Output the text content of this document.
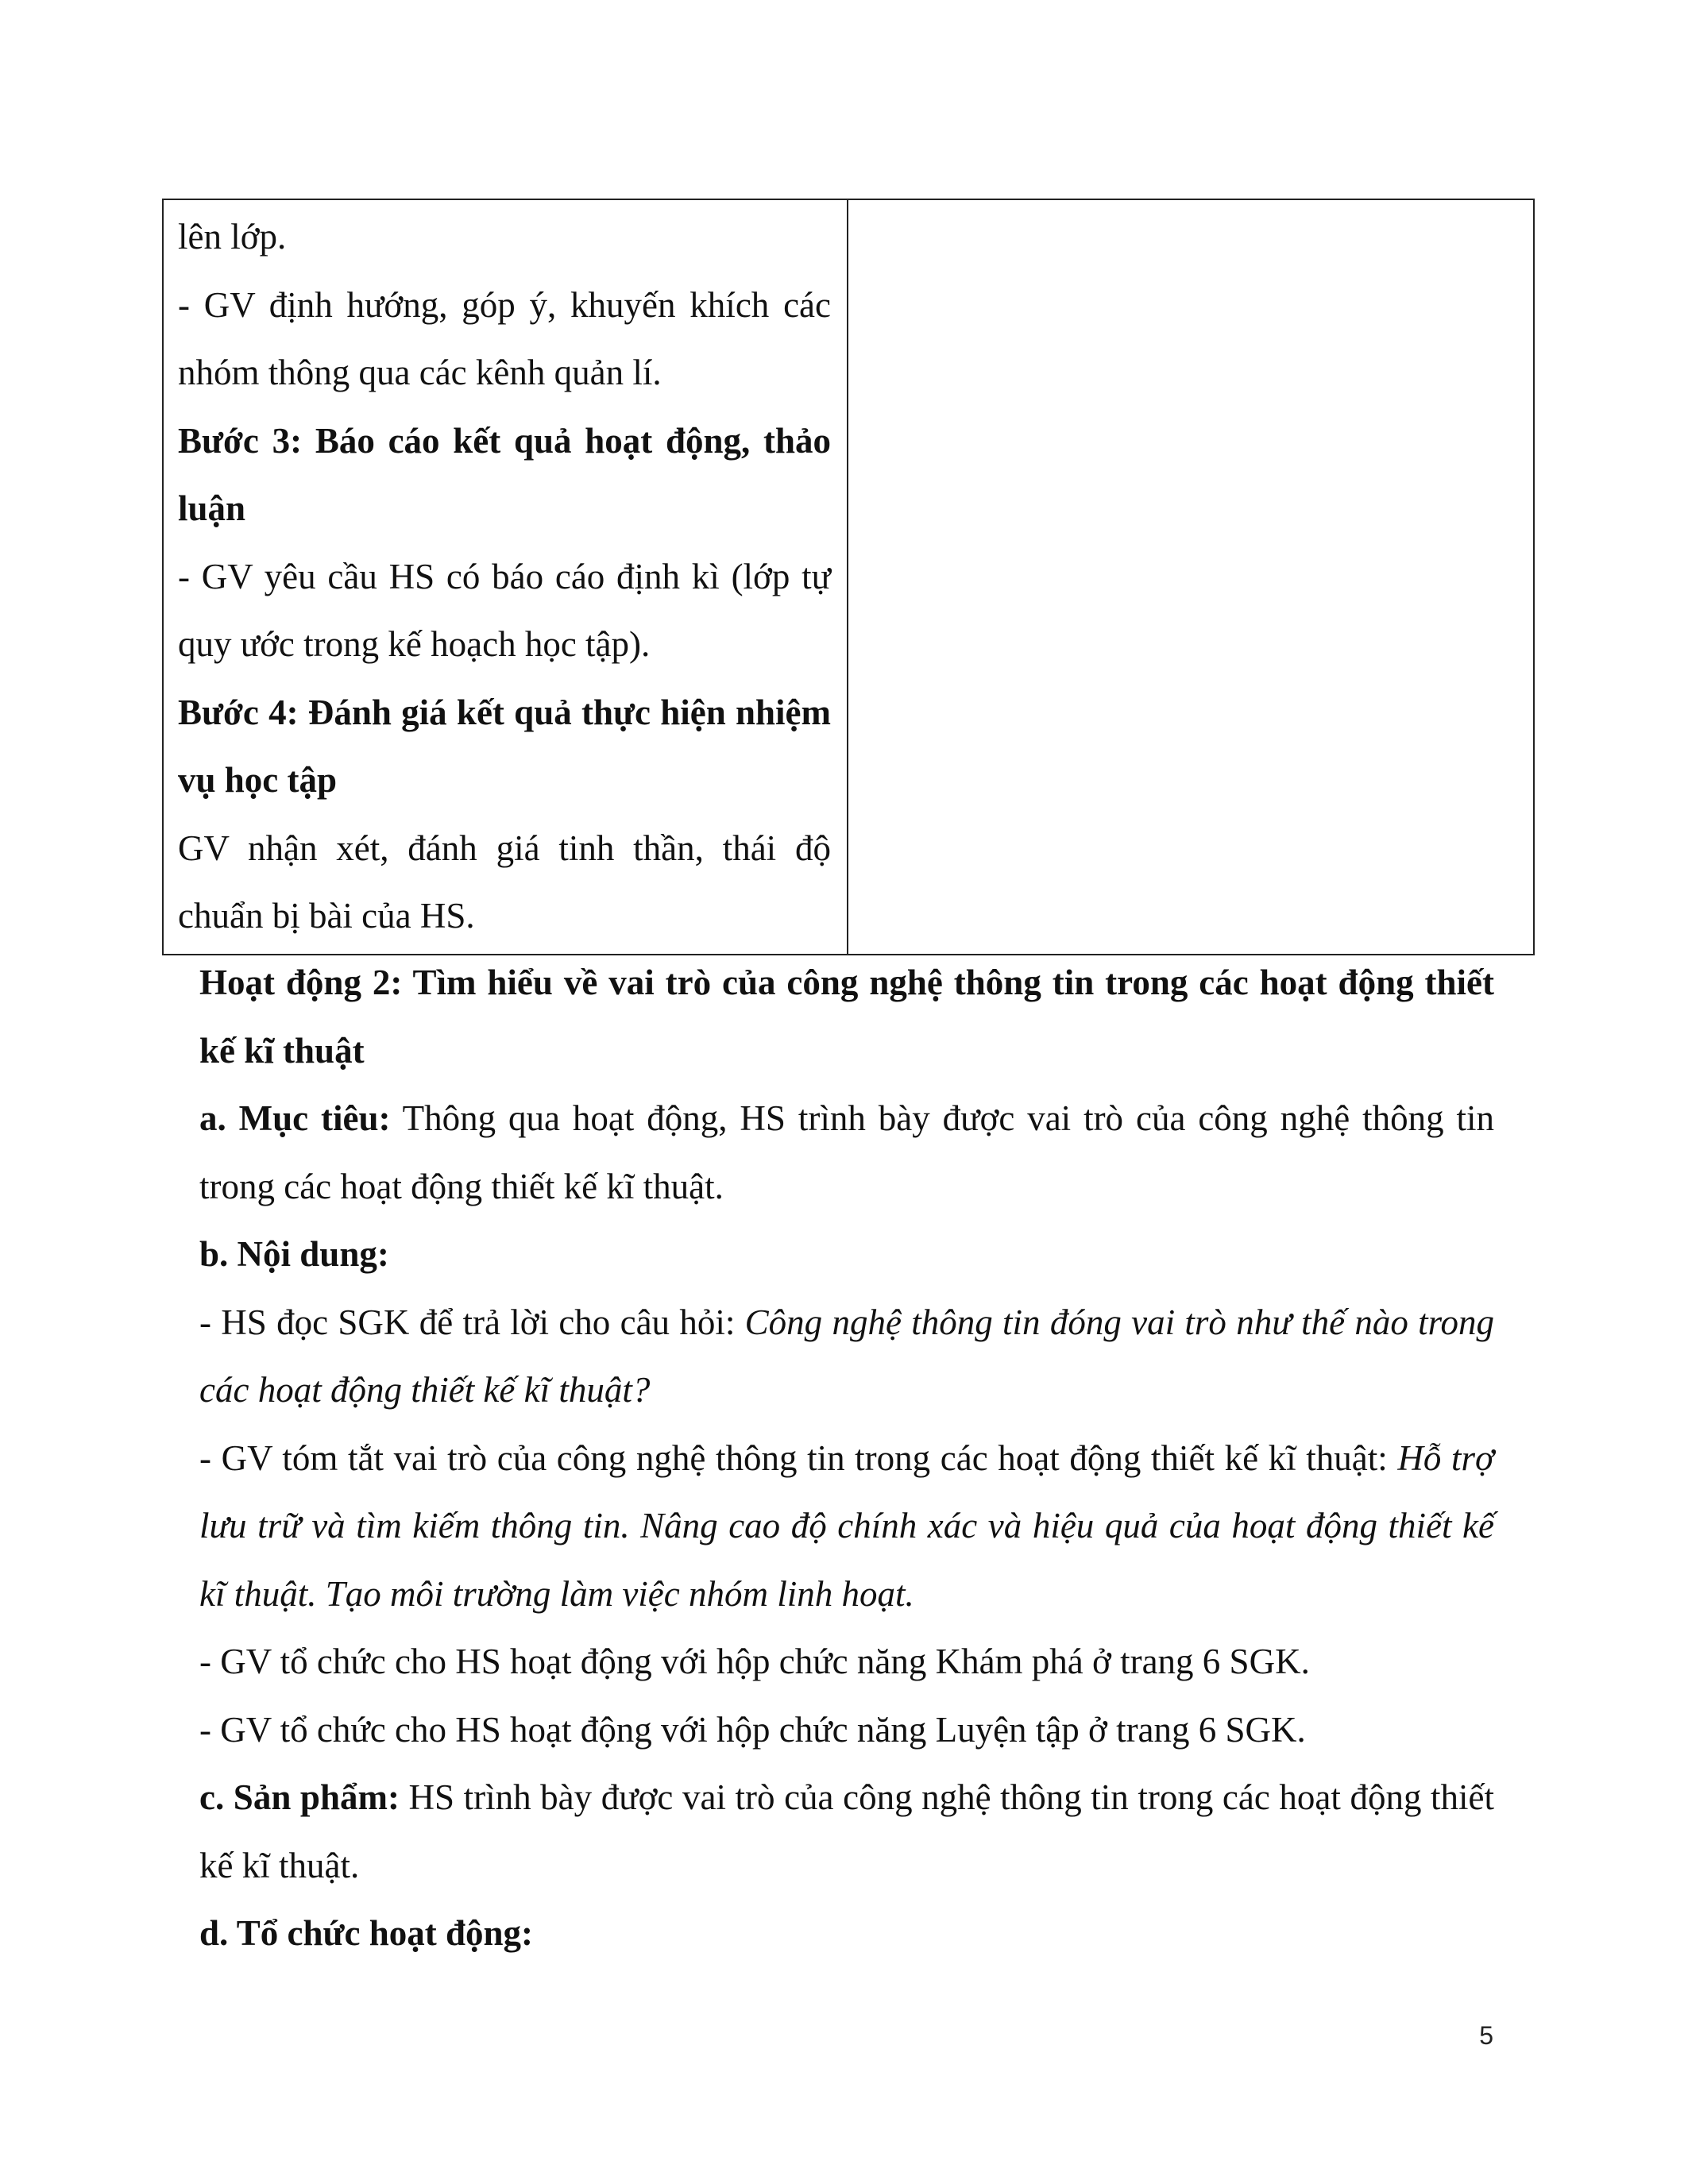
lên lớp.

- GV định hướng, góp ý, khuyến khích các nhóm thông qua các kênh quản lí.

Bước 3: Báo cáo kết quả hoạt động, thảo luận

- GV yêu cầu HS có báo cáo định kì (lớp tự quy ước trong kế hoạch học tập).

Bước 4: Đánh giá kết quả thực hiện nhiệm vụ học tập

GV nhận xét, đánh giá tinh thần, thái độ chuẩn bị bài của HS.

Hoạt động 2: Tìm hiểu về vai trò của công nghệ thông tin trong các hoạt động thiết kế kĩ thuật

a. Mục tiêu: Thông qua hoạt động, HS trình bày được vai trò của công nghệ thông tin trong các hoạt động thiết kế kĩ thuật.

b. Nội dung:

- HS đọc SGK để trả lời cho câu hỏi: Công nghệ thông tin đóng vai trò như thế nào trong các hoạt động thiết kế kĩ thuật?

- GV tóm tắt vai trò của công nghệ thông tin trong các hoạt động thiết kế kĩ thuật: Hỗ trợ lưu trữ và tìm kiếm thông tin. Nâng cao độ chính xác và hiệu quả của hoạt động thiết kế kĩ thuật. Tạo môi trường làm việc nhóm linh hoạt.

- GV tổ chức cho HS hoạt động với hộp chức năng Khám phá ở trang 6 SGK.

- GV tổ chức cho HS hoạt động với hộp chức năng Luyện tập ở trang 6 SGK.

c. Sản phẩm: HS trình bày được vai trò của công nghệ thông tin trong các hoạt động thiết kế kĩ thuật.

d. Tổ chức hoạt động:

5
